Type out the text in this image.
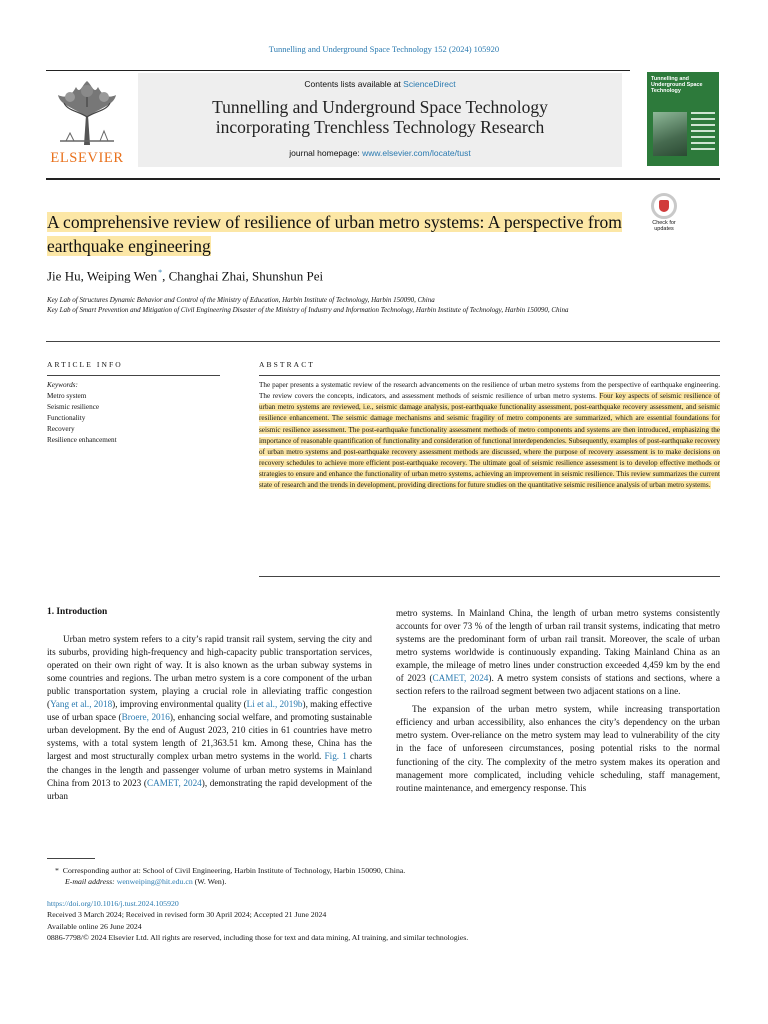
Tunnelling and Underground Space Technology 152 (2024) 105920
ELSEVIER
Contents lists available at ScienceDirect
Tunnelling and Underground Space Technology
incorporating Trenchless Technology Research
journal homepage: www.elsevier.com/locate/tust
Tunnelling and Underground Space Technology
A comprehensive review of resilience of urban metro systems: A perspective from earthquake engineering
Check for updates
Jie Hu, Weiping Wen*, Changhai Zhai, Shunshun Pei
Key Lab of Structures Dynamic Behavior and Control of the Ministry of Education, Harbin Institute of Technology, Harbin 150090, China
Key Lab of Smart Prevention and Mitigation of Civil Engineering Disaster of the Ministry of Industry and Information Technology, Harbin Institute of Technology, Harbin 150090, China
ARTICLE INFO
Keywords:
Metro system
Seismic resilience
Functionality
Recovery
Resilience enhancement
ABSTRACT
The paper presents a systematic review of the research advancements on the resilience of urban metro systems from the perspective of earthquake engineering. The review covers the concepts, indicators, and assessment methods of seismic resilience of urban metro systems. Four key aspects of seismic resilience of urban metro systems are reviewed, i.e., seismic damage analysis, post-earthquake functionality assessment, post-earthquake recovery assessment, and seismic resilience enhancement. The seismic damage mechanisms and seismic fragility of metro components are summarized, which are essential foundations for seismic resilience assessment. The post-earthquake functionality assessment methods of metro components and systems are then introduced, emphasizing the importance of reasonable quantification of functionality and consideration of functional interdependencies. Subsequently, examples of post-earthquake recovery of urban metro systems and post-earthquake recovery assessment methods are discussed, where the purpose of recovery assessment is to make decisions on recovery schedules to achieve more efficient post-earthquake recovery. The ultimate goal of seismic resilience assessment is to develop effective methods or strategies to ensure and enhance the functionality of urban metro systems, achieving an improvement in seismic resilience. This review summarizes the current state of research and the trends in development, providing directions for future studies on the quantitative seismic resilience analysis of urban metro systems.
1. Introduction

Urban metro system refers to a city’s rapid transit rail system, serving the city and its suburbs, providing high-frequency and high-capacity public transportation services, operated on their own right of way. It is also known as the urban subway systems in some countries and regions. The urban metro system is a core component of the urban public transportation system, playing a crucial role in alleviating traffic congestion (Yang et al., 2018), improving environmental quality (Li et al., 2019b), making effective use of urban space (Broere, 2016), enhancing social welfare, and promoting sustainable urban development. By the end of August 2023, 210 cities in 61 countries have metro systems, with a total system length of 21,363.51 km. Among these, China has the largest and most structurally complex urban metro systems in the world. Fig. 1 charts the changes in the length and passenger volume of urban metro systems in Mainland China from 2013 to 2023 (CAMET, 2024), demonstrating the rapid development of the urban

metro systems. In Mainland China, the length of urban metro systems consistently accounts for over 73 % of the length of urban rail transit systems, indicating that metro systems are the predominant form of urban rail transit. Moreover, the scale of urban metro systems worldwide is continuously expanding. Taking Mainland China as an example, the mileage of metro lines under construction exceeded 4,459 km by the end of 2023 (CAMET, 2024). A metro system consists of stations and sections, where a section refers to the railroad segment between two adjacent stations on a line.

The expansion of the urban metro system, while increasing transportation efficiency and urban accessibility, also enhances the city’s dependency on the urban metro system. Over-reliance on the metro system may lead to vulnerability of the city in the face of unforeseen circumstances, posing potential risks to the normal functioning of the city. The complexity of the metro system makes its operation and management more complicated, including vehicle scheduling, staff management, routine maintenance, and emergency response. This

*  Corresponding author at: School of Civil Engineering, Harbin Institute of Technology, Harbin 150090, China.
E-mail address: wenweiping@hit.edu.cn (W. Wen).
https://doi.org/10.1016/j.tust.2024.105920
Received 3 March 2024; Received in revised form 30 April 2024; Accepted 21 June 2024
Available online 26 June 2024
0886-7798/© 2024 Elsevier Ltd. All rights are reserved, including those for text and data mining, AI training, and similar technologies.
